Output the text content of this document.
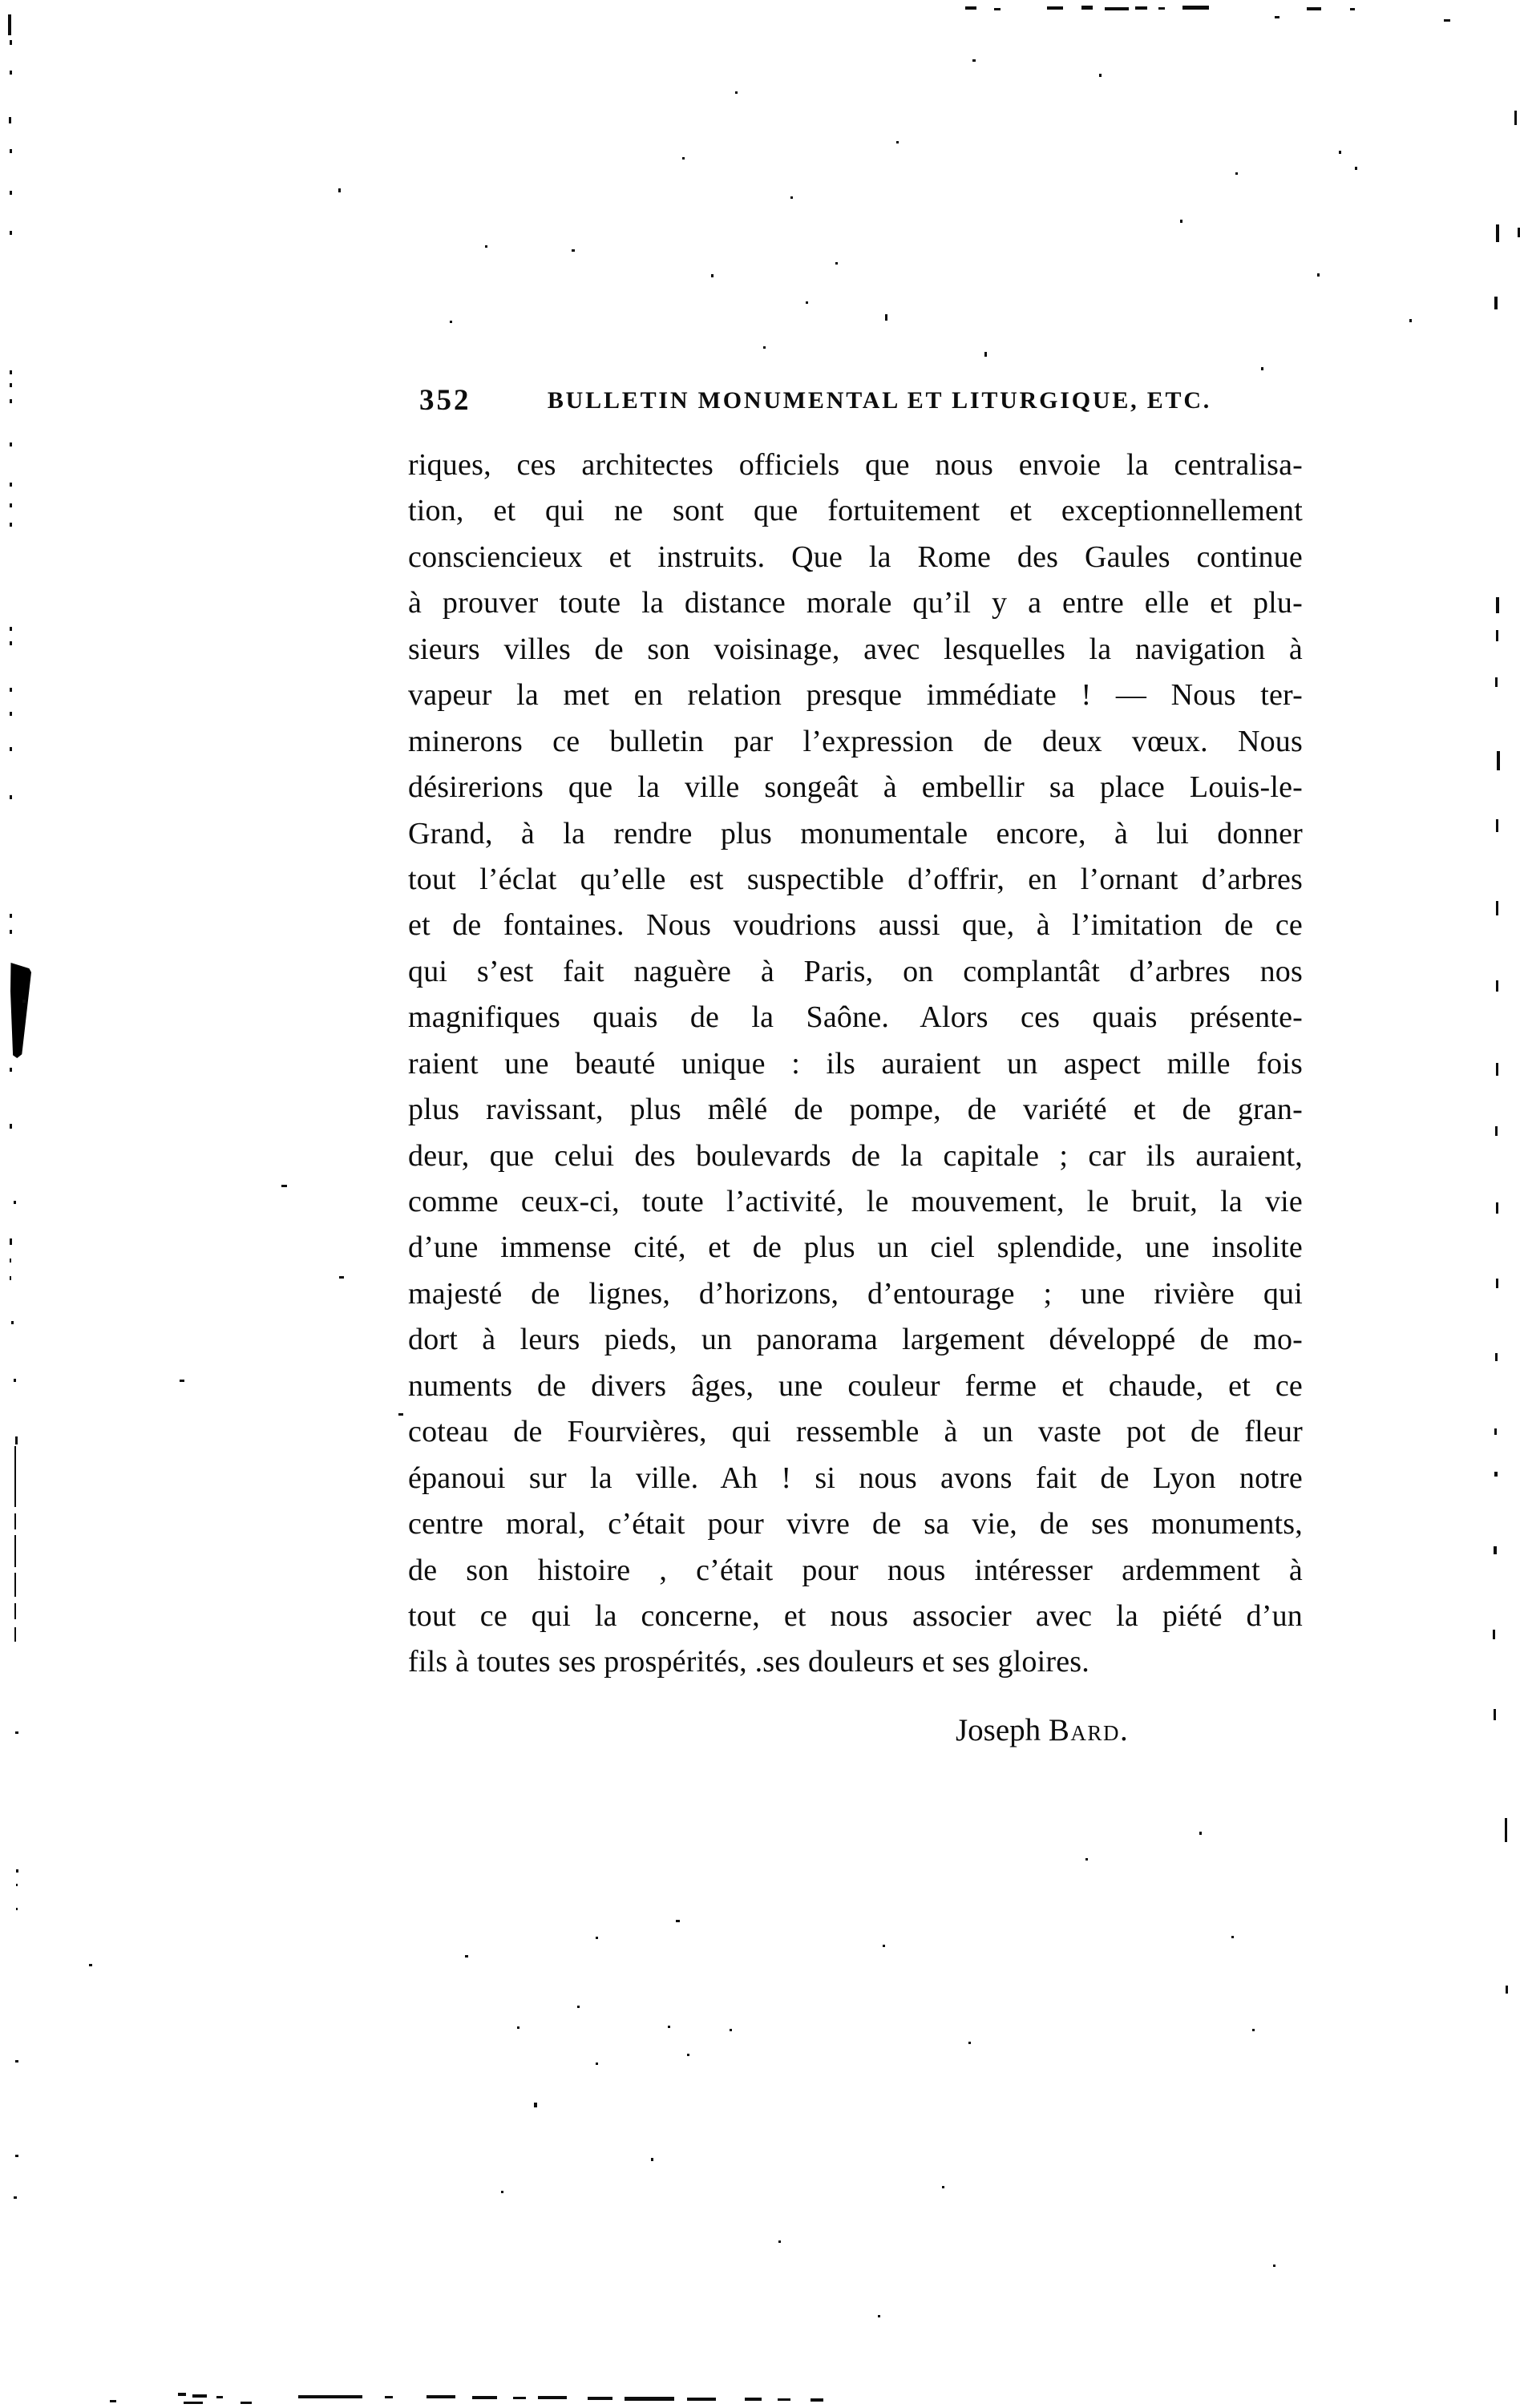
352	BULLETIN MONUMENTAL ET LITURGIQUE, ETC.
riques, ces architectes officiels que nous envoie la centralisa-
tion, et qui ne sont que fortuitement et exceptionnellement
consciencieux et instruits. Que la Rome des Gaules continue
à prouver toute la distance morale qu’il y a entre elle et plu-
sieurs villes de son voisinage, avec lesquelles la navigation à
vapeur la met en relation presque immédiate ! — Nous ter-
minerons ce bulletin par l’expression de deux vœux. Nous
désirerions que la ville songeât à embellir sa place Louis-le-
Grand, à la rendre plus monumentale encore, à lui donner
tout l’éclat qu’elle est suspectible d’offrir, en l’ornant d’arbres
et de fontaines. Nous voudrions aussi que, à l’imitation de ce
qui s’est fait naguère à Paris, on complantât d’arbres nos
magnifiques quais de la Saône. Alors ces quais présente-
raient une beauté unique : ils auraient un aspect mille fois
plus ravissant, plus mêlé de pompe, de variété et de gran-
deur, que celui des boulevards de la capitale ; car ils auraient,
comme ceux-ci, toute l’activité, le mouvement, le bruit, la vie
d’une immense cité, et de plus un ciel splendide, une insolite
majesté de lignes, d’horizons, d’entourage ; une rivière qui
dort à leurs pieds, un panorama largement développé de mo-
numents de divers âges, une couleur ferme et chaude, et ce
coteau de Fourvières, qui ressemble à un vaste pot de fleur
épanoui sur la ville. Ah ! si nous avons fait de Lyon notre
centre moral, c’était pour vivre de sa vie, de ses monuments,
de son histoire , c’était pour nous intéresser ardemment à
tout ce qui la concerne, et nous associer avec la piété d’un
fils à toutes ses prospérités, .ses douleurs et ses gloires.
Joseph Bard.
